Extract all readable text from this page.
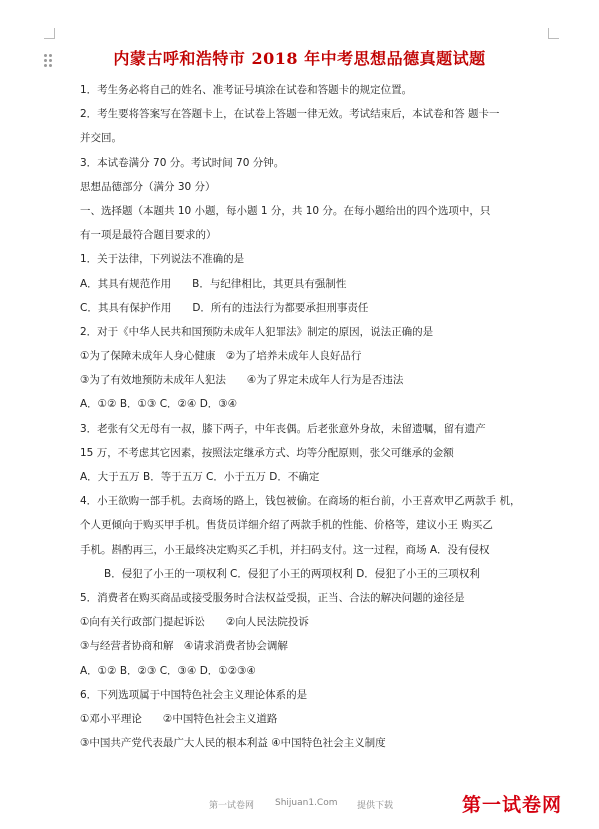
内蒙古呼和浩特市 2018 年中考思想品德真题试题
1．考生务必将自己的姓名、准考证号填涂在试卷和答题卡的规定位置。
2．考生要将答案写在答题卡上，在试卷上答题一律无效。考试结束后，本试卷和答 题卡一
并交回。
3．本试卷满分 70 分。考试时间 70 分钟。
思想品德部分（满分 30 分）
一、选择题（本题共 10 小题，每小题 1 分，共 10 分。在每小题给出的四个选项中，只
有一项是最符合题目要求的）
1．关于法律，下列说法不准确的是
A．其具有规范作用　　B．与纪律相比，其更具有强制性
C．其具有保护作用　　D．所有的违法行为都要承担刑事责任
2．对于《中华人民共和国预防未成年人犯罪法》制定的原因，说法正确的是
①为了保障未成年人身心健康　②为了培养未成年人良好品行
③为了有效地预防未成年人犯法　　④为了界定未成年人行为是否违法
A．①② B．①③ C．②④ D．③④
3．老张有父无母有一叔，膝下两子，中年丧偶。后老张意外身故，未留遗嘱，留有遗产
15 万，不考虑其它因素，按照法定继承方式、均等分配原则，张父可继承的金额
A．大于五万 B．等于五万 C．小于五万 D．不确定
4．小王欲购一部手机。去商场的路上，钱包被偷。在商场的柜台前，小王喜欢甲乙两款手 机，
个人更倾向于购买甲手机。售货员详细介绍了两款手机的性能、价格等，建议小王 购买乙
手机。斟酌再三，小王最终决定购买乙手机，并扫码支付。这一过程，商场 A．没有侵权
B．侵犯了小王的一项权利 C．侵犯了小王的两项权利 D．侵犯了小王的三项权利
5．消费者在购买商品或接受服务时合法权益受损，正当、合法的解决问题的途径是
①向有关行政部门提起诉讼　　②向人民法院投诉
③与经营者协商和解　④请求消费者协会调解
A．①② B．②③ C．③④ D．①②③④
6．下列选项属于中国特色社会主义理论体系的是
①邓小平理论　　②中国特色社会主义道路
③中国共产党代表最广大人民的根本利益 ④中国特色社会主义制度
第一试卷网 Shijuan1.Com 提供下载	第一试卷网
